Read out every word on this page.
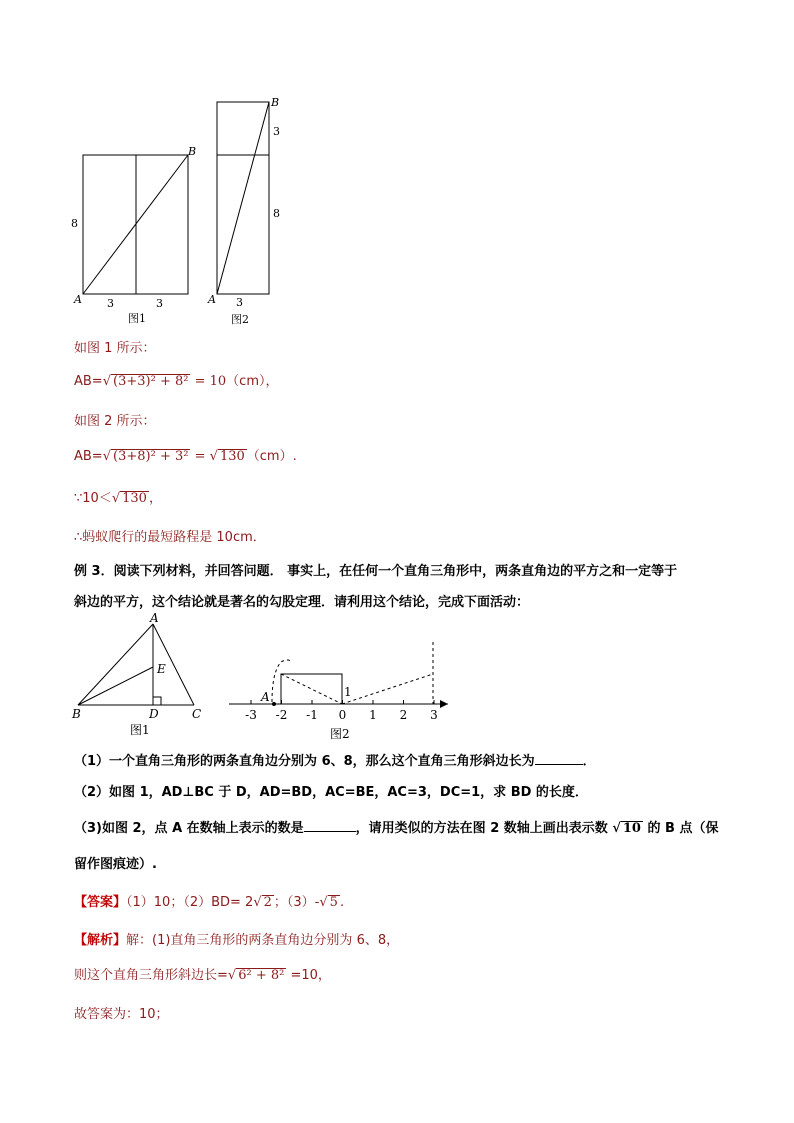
B
A
8
3	3
图1
B
A
3
8
3
图2
如图 1 所示：
AB=√ (3+3)² + 8² = 10（cm），
如图 2 所示：
AB=√ (3+8)² + 3² = √ 130 （cm）.
∵10＜√ 130 ，
∴蚂蚁爬行的最短路程是 10cm．
例 3．阅读下列材料，并回答问题． 事实上，在任何一个直角三角形中，两条直角边的平方之和一定等于
斜边的平方，这个结论就是著名的勾股定理．请利用这个结论，完成下面活动：
A
E
B	D	C
图1
A	1
-3 -2 -1 0 1 2 3
图2
（1）一个直角三角形的两条直角边分别为 6、8，那么这个直角三角形斜边长为	．
（2）如图 1，AD⊥BC 于 D，AD=BD，AC=BE，AC=3，DC=1，求 BD 的长度．
（3)如图 2，点 A 在数轴上表示的数是	，请用类似的方法在图 2 数轴上画出表示数 √ 10 的 B 点（保
留作图痕迹）.
【答案】（1）10；（2）BD= 2√ 2 ；（3）-√ 5 .
【解析】解：(1)直角三角形的两条直角边分别为 6、8，
则这个直角三角形斜边长=√ 6² + 8² =10，
故答案为：10；
